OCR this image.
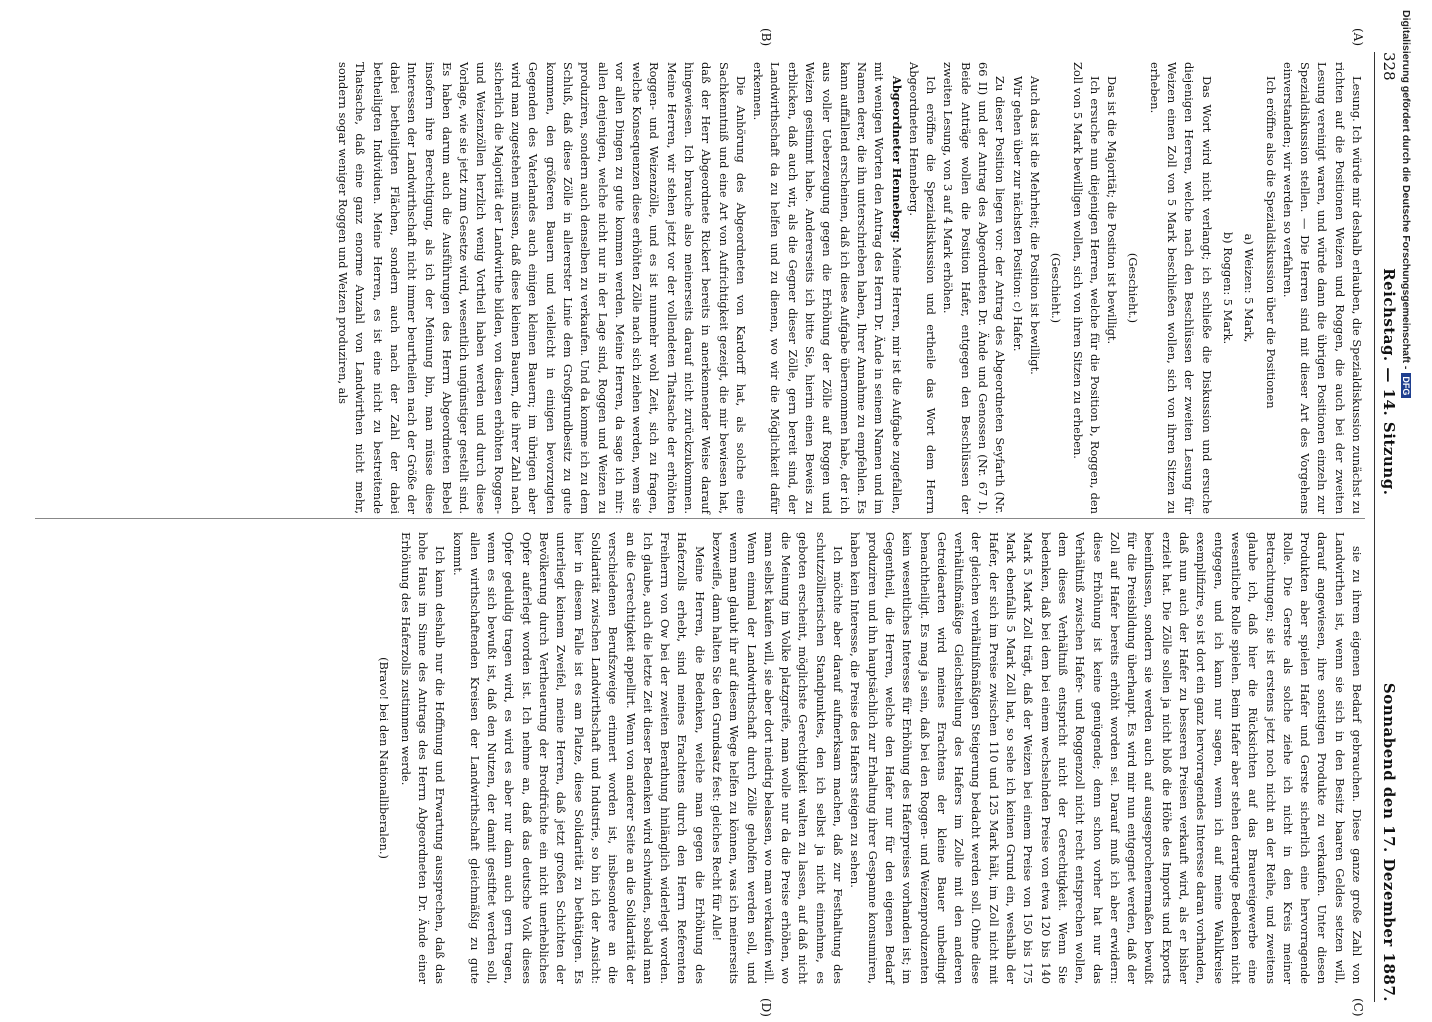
328
Reichstag. — 14. Sitzung.
Sonnabend den 17. Dezember 1887.
(A)
(B)
(C)
(D)

Lesung. Ich würde mir deshalb erlauben, die Spezialdiskussion zunächst zu richten auf die Positionen Weizen und Roggen, die auch bei der zweiten Lesung vereinigt waren, und würde dann die übrigen Positionen einzeln zur Spezialdiskussion stellen. — Die Herren sind mit dieser Art des Vorgehens einverstanden; wir werden so verfahren.

Ich eröffne also die Spezialdiskussion über die Positionen

a) Weizen: 5 Mark,

b) Roggen: 5 Mark.

Das Wort wird nicht verlangt; ich schließe die Diskussion und ersuche diejenigen Herren, welche nach den Beschlüssen der zweiten Lesung für Weizen einen Zoll von 5 Mark beschließen wollen, sich von ihren Sitzen zu erheben.

(Geschieht.)

Das ist die Majorität; die Position ist bewilligt.

Ich ersuche nun diejenigen Herren, welche für die Position b, Roggen, den Zoll von 5 Mark bewilligen wollen, sich von ihren Sitzen zu erheben.

(Geschieht.)

Auch das ist die Mehrheit; die Position ist bewilligt.

Wir gehen über zur nächsten Position: c) Hafer.

Zu dieser Position liegen vor: der Antrag des Abgeordneten Seyfarth (Nr. 66 II) und der Antrag des Abgeordneten Dr. Ände und Genossen (Nr. 67 I). Beide Anträge wollen die Position Hafer, entgegen den Beschlüssen der zweiten Lesung, von 3 auf 4 Mark erhöhen.

Ich eröffne die Spezialdiskussion und ertheile das Wort dem Herrn Abgeordneten Henneberg.

Abgeordneter Henneberg: Meine Herren, mir ist die Aufgabe zugefallen, mit wenigen Worten den Antrag des Herrn Dr. Ände in seinem Namen und im Namen derer, die ihn unterschrieben haben, Ihrer Annahme zu empfehlen. Es kann auffallend erscheinen, daß ich diese Aufgabe übernommen habe, der ich aus voller Ueberzeugung gegen die Erhöhung der Zölle auf Roggen und Weizen gestimmt habe. Andererseits ich bitte Sie, hierin einen Beweis zu erblicken, daß auch wir, als die Gegner dieser Zölle, gern bereit sind, der Landwirthschaft da zu helfen und zu dienen, wo wir die Möglichkeit dafür erkennen.

Die Anhörung des Abgeordneten von Kardorff hat, als solche eine Sachkenntniß und eine Art von Aufrichtigkeit gezeigt, die mir bewiesen hat, daß der Herr Abgeordnete Rickert bereits in anerkennender Weise darauf hingewiesen. Ich brauche also meinerseits darauf nicht zurückzukommen. Meine Herren, wir stehen jetzt vor der vollendeten Thatsache der erhöhten Roggen- und Weizenzölle, und es ist nunmehr wohl Zeit, sich zu fragen, welche Konsequenzen diese erhöhten Zölle nach sich ziehen werden, wem sie vor allen Dingen zu gute kommen werden. Meine Herren, da sage ich mir: allen denjenigen, welche nicht nur in der Lage sind, Roggen und Weizen zu produziren, sondern auch denselben zu verkaufen. Und da komme ich zu dem Schluß, daß diese Zölle in allererster Linie dem Großgrundbesitz zu gute kommen, den größeren Bauern und vielleicht in einigen bevorzugten Gegenden des Vaterlandes auch einigen kleinen Bauern; im übrigen aber wird man zugestehen müssen, daß diese kleinen Bauern, die ihrer Zahl nach sicherlich die Majorität der Landwirthe bilden, von diesen erhöhten Roggen- und Weizenzöllen herzlich wenig Vortheil haben werden und durch diese Vorlage, wie sie jetzt zum Gesetze wird, wesentlich ungünstiger gestellt sind. Es haben darum auch die Ausführungen des Herrn Abgeordneten Bebel insofern ihre Berechtigung, als ich der Meinung bin, man müsse diese Interessen der Landwirthschaft nicht immer beurtheilen nach der Größe der dabei betheiligten Flächen, sondern auch nach der Zahl der dabei betheiligten Individuen. Meine Herren, es ist eine nicht zu bestreitende Thatsache, daß eine ganz enorme Anzahl von Landwirthen nicht mehr, sondern sogar weniger Roggen und Weizen produziren, als

sie zu ihrem eigenen Bedarf gebrauchen. Diese ganze große Zahl von Landwirthen ist, wenn sie sich in den Besitz baaren Geldes setzen will, darauf angewiesen, ihre sonstigen Produkte zu verkaufen. Unter diesen Produkten aber spielen Hafer und Gerste sicherlich eine hervorragende Rolle. Die Gerste als solche ziehe ich nicht in den Kreis meiner Betrachtungen; sie ist erstens jetzt noch nicht an der Reihe, und zweitens glaube ich, daß hier die Rücksichten auf das Brauereigewerbe eine wesentliche Rolle spielen. Beim Hafer aber stehen derartige Bedenken nicht entgegen, und ich kann nur sagen, wenn ich auf meine Wahlkreise exemplifizire, so ist dort ein ganz hervorragendes Interesse daran vorhanden, daß nun auch der Hafer zu besseren Preisen verkauft wird, als er bisher erzielt hat. Die Zölle sollen ja nicht bloß die Höhe des Imports und Exports beeinflussen, sondern sie werden auch auf ausgesprochenermaßen bewußt für die Preisbildung überhaupt. Es wird mir nun entgegnet werden, daß der Zoll auf Hafer bereits erhöht worden sei. Darauf muß ich aber erwidern: diese Erhöhung ist keine genügende; denn schon vorher hat nur das Verhältniß zwischen Hafer- und Roggenzoll nicht recht entsprechen wollen, dem dieses Verhältniß entspricht nicht der Gerechtigkeit. Wenn Sie bedenken, daß bei dem bei einem wechselnden Preise von etwa 120 bis 140 Mark 5 Mark Zoll trägt, daß der Weizen bei einem Preise von 150 bis 175 Mark ebenfalls 5 Mark Zoll hat, so sehe ich keinen Grund ein, weshalb der Hafer, der sich im Preise zwischen 110 und 125 Mark hält, im Zoll nicht mit der gleichen verhältnißmäßigen Steigerung bedacht werden soll. Ohne diese verhältnißmäßige Gleichstellung des Hafers im Zolle mit den anderen Getreidearten wird meines Erachtens der kleine Bauer unbedingt benachtheiligt. Es mag ja sein, daß bei den Roggen- und Weizenproduzenten kein wesentliches Interesse für Erhöhung des Haferpreises vorhanden ist; im Gegentheil, die Herren, welche den Hafer nur für den eigenen Bedarf produziren und ihn hauptsächlich zur Erhaltung ihrer Gespanne konsumiren, haben kein Interesse, die Preise des Hafers steigen zu sehen.

Ich möchte aber darauf aufmerksam machen, daß zur Festhaltung des schutzzöllnerischen Standpunktes, den ich selbst ja nicht einnehme, es geboten erscheint, möglichste Gerechtigkeit walten zu lassen, auf daß nicht die Meinung im Volke platzgreife, man wolle nur da die Preise erhöhen, wo man selbst kaufen will, sie aber dort niedrig belassen, wo man verkaufen will. Wenn einmal der Landwirthschaft durch Zölle geholfen werden soll, und wenn man glaubt ihr auf diesem Wege helfen zu können, was ich meinerseits bezweifle, dann halten Sie den Grundsatz fest: gleiches Recht für Alle!

Meine Herren, die Bedenken, welche man gegen die Erhöhung des Haferzolls erhebt, sind meines Erachtens durch den Herrn Referenten Freiherrn von Ow bei der zweiten Berathung hinlänglich widerlegt worden. Ich glaube, auch die letzte Zeit dieser Bedenken wird schwinden, sobald man an die Gerechtigkeit appellirt. Wenn von anderer Seite an die Solidarität der verschiedenen Berufszweige erinnert worden ist, insbesondere an die Solidarität zwischen Landwirthschaft und Industrie, so bin ich der Ansicht: hier in diesem Falle ist es am Platze, diese Solidarität zu bethätigen. Es unterliegt keinem Zweifel, meine Herren, daß jetzt großen Schichten der Bevölkerung durch Vertheuerung der Brodfrüchte ein nicht unerhebliches Opfer auferlegt worden ist. Ich nehme an, daß das deutsche Volk dieses Opfer geduldig tragen wird, es wird es aber nur dann auch gern tragen, wenn es sich bewußt ist, daß den Nutzen, der damit gestiftet werden soll, allen wirthschaftenden Kreisen der Landwirthschaft gleichmäßig zu gute kommt.

Ich kann deshalb nur die Hoffnung und Erwartung aussprechen, daß das hohe Haus im Sinne des Antrags des Herrn Abgeordneten Dr. Ände einer Erhöhung des Haferzolls zustimmen werde.

(Bravo! bei den Nationalliberalen.)

Digitalisierung gefördert durch die Deutsche Forschungsgemeinschaft -DFG
